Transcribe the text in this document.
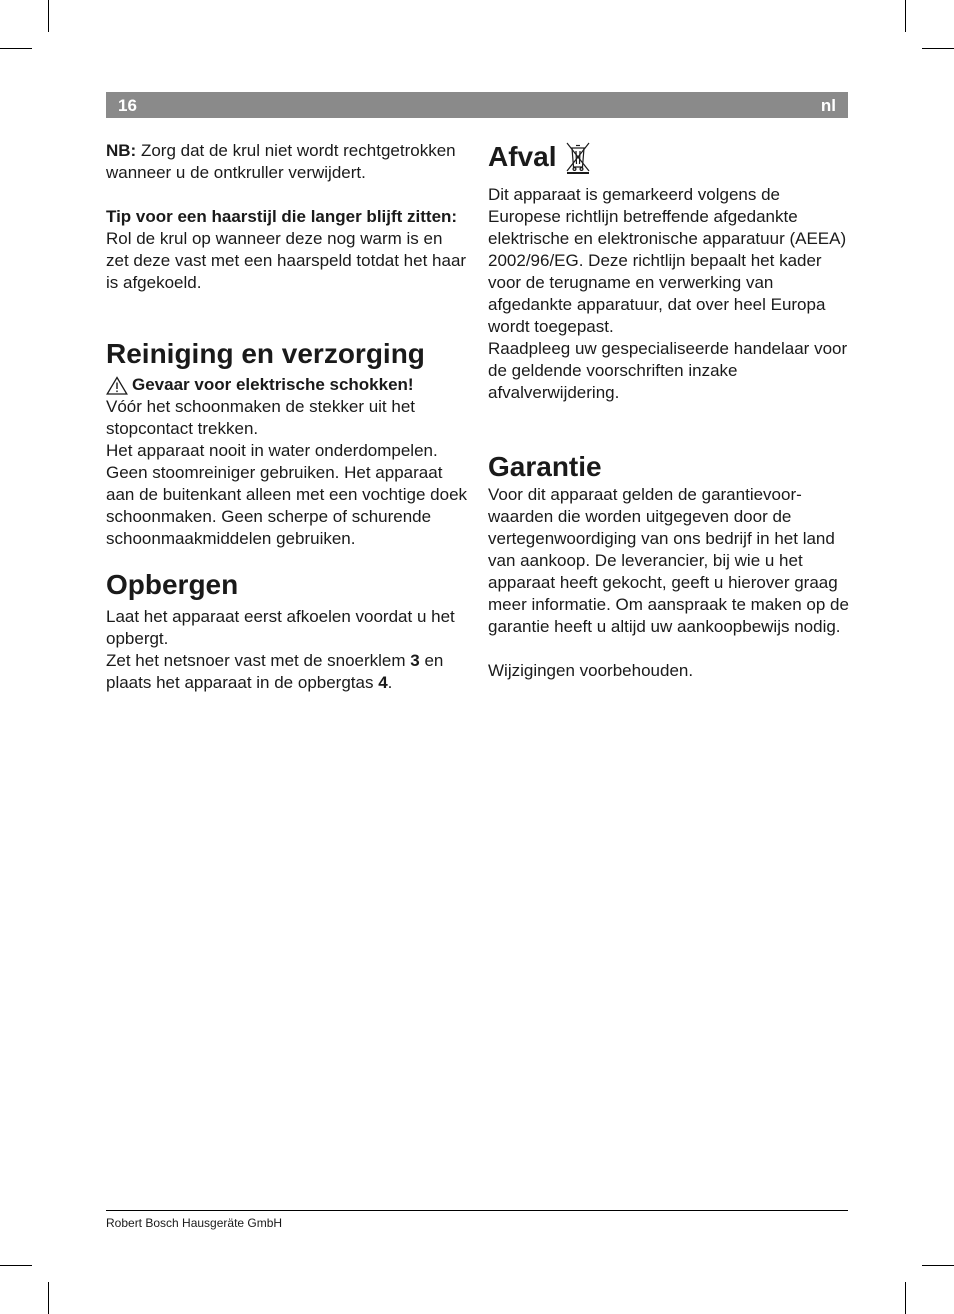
16	nl

NB: Zorg dat de krul niet wordt rechtgetrokken wanneer u de ontkruller verwijdert.

Tip voor een haarstijl die langer blijft zitten: Rol de krul op wanneer deze nog warm is en zet deze vast met een haarspeld totdat het haar is afgekoeld.

Reiniging en verzorging
Gevaar voor elektrische schokken!

Vóór het schoonmaken de stekker uit het stopcontact trekken.

Het apparaat nooit in water onderdompelen. Geen stoomreiniger gebruiken. Het apparaat aan de buitenkant alleen met een vochtige doek schoonmaken. Geen scherpe of schurende schoonmaakmiddelen gebruiken.

Opbergen

Laat het apparaat eerst afkoelen voordat u het opbergt.

Zet het netsnoer vast met de snoerklem 3 en plaats het apparaat in de opbergtas 4.

Afval

Dit apparaat is gemarkeerd volgens de Europese richtlijn betreffende afgedankte elektrische en elektronische apparatuur (AEEA) 2002/96/EG. Deze richtlijn bepaalt het kader voor de terugname en verwerking van afgedankte apparatuur, dat over heel Europa wordt toegepast.

Raadpleeg uw gespecialiseerde handelaar voor de geldende voorschriften inzake afvalverwijdering.

Garantie

Voor dit apparaat gelden de garantievoor-waarden die worden uitgegeven door de vertegenwoordiging van ons bedrijf in het land van aankoop. De leverancier, bij wie u het apparaat heeft gekocht, geeft u hierover graag meer informatie. Om aanspraak te maken op de garantie heeft u altijd uw aankoopbewijs nodig.

Wijzigingen voorbehouden.

Robert Bosch Hausgeräte GmbH
